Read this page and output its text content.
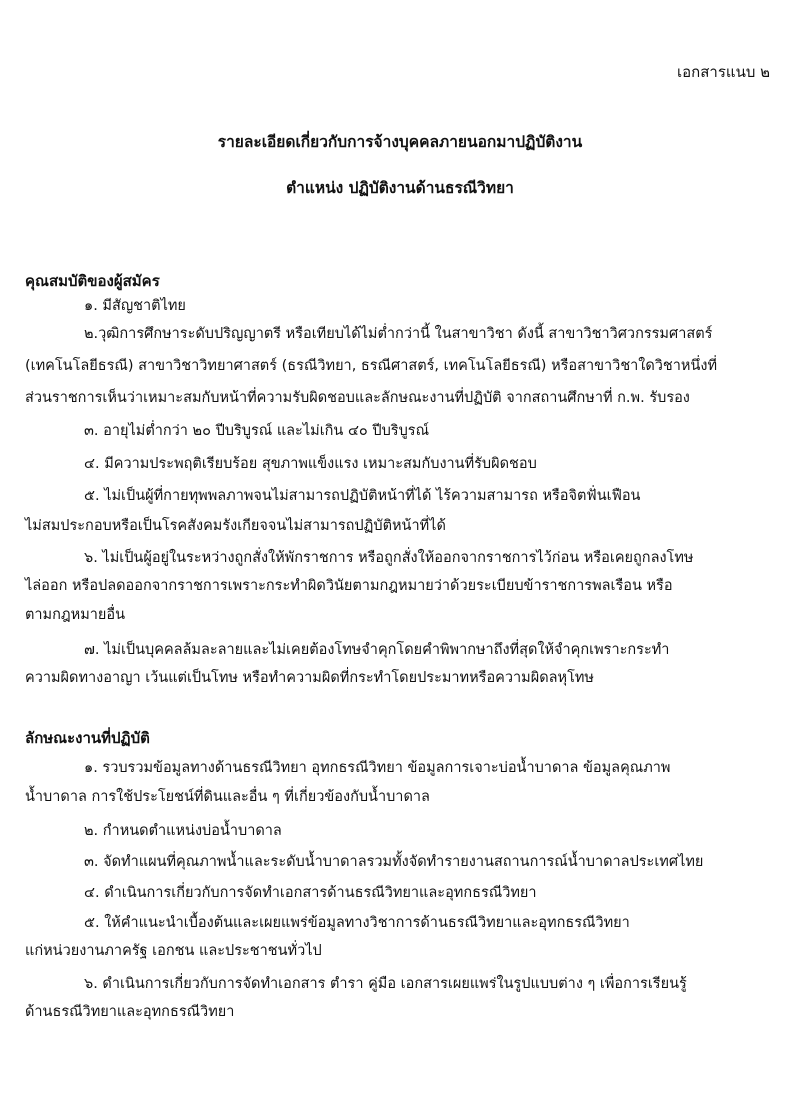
เอกสารแนบ ๒
รายละเอียดเกี่ยวกับการจ้างบุคคลภายนอกมาปฏิบัติงาน
ตำแหน่ง ปฏิบัติงานด้านธรณีวิทยา
คุณสมบัติของผู้สมัคร
๑. มีสัญชาติไทย
๒.วุฒิการศึกษาระดับปริญญาตรี หรือเทียบได้ไม่ต่ำกว่านี้ ในสาขาวิชา ดังนี้ สาขาวิชาวิศวกรรมศาสตร์
(เทคโนโลยีธรณี) สาขาวิชาวิทยาศาสตร์ (ธรณีวิทยา, ธรณีศาสตร์, เทคโนโลยีธรณี) หรือสาขาวิชาใดวิชาหนึ่งที่
ส่วนราชการเห็นว่าเหมาะสมกับหน้าที่ความรับผิดชอบและลักษณะงานที่ปฏิบัติ จากสถานศึกษาที่ ก.พ. รับรอง
๓. อายุไม่ต่ำกว่า ๒๐ ปีบริบูรณ์ และไม่เกิน ๔๐ ปีบริบูรณ์
๔. มีความประพฤติเรียบร้อย สุขภาพแข็งแรง เหมาะสมกับงานที่รับผิดชอบ
๕. ไม่เป็นผู้ที่กายทุพพลภาพจนไม่สามารถปฏิบัติหน้าที่ได้ ไร้ความสามารถ หรือจิตฟั่นเฟือน
ไม่สมประกอบหรือเป็นโรคสังคมรังเกียจจนไม่สามารถปฏิบัติหน้าที่ได้
๖. ไม่เป็นผู้อยู่ในระหว่างถูกสั่งให้พักราชการ หรือถูกสั่งให้ออกจากราชการไว้ก่อน หรือเคยถูกลงโทษ
ไล่ออก หรือปลดออกจากราชการเพราะกระทำผิดวินัยตามกฎหมายว่าด้วยระเบียบข้าราชการพลเรือน หรือ
ตามกฎหมายอื่น
๗. ไม่เป็นบุคคลล้มละลายและไม่เคยต้องโทษจำคุกโดยคำพิพากษาถึงที่สุดให้จำคุกเพราะกระทำ
ความผิดทางอาญา เว้นแต่เป็นโทษ หรือทำความผิดที่กระทำโดยประมาทหรือความผิดลหุโทษ
ลักษณะงานที่ปฏิบัติ
๑. รวบรวมข้อมูลทางด้านธรณีวิทยา อุทกธรณีวิทยา ข้อมูลการเจาะบ่อน้ำบาดาล ข้อมูลคุณภาพ
น้ำบาดาล การใช้ประโยชน์ที่ดินและอื่น ๆ ที่เกี่ยวข้องกับน้ำบาดาล
๒. กำหนดตำแหน่งบ่อน้ำบาดาล
๓. จัดทำแผนที่คุณภาพน้ำและระดับน้ำบาดาลรวมทั้งจัดทำรายงานสถานการณ์น้ำบาดาลประเทศไทย
๔. ดำเนินการเกี่ยวกับการจัดทำเอกสารด้านธรณีวิทยาและอุทกธรณีวิทยา
๕. ให้คำแนะนำเบื้องต้นและเผยแพร่ข้อมูลทางวิชาการด้านธรณีวิทยาและอุทกธรณีวิทยา
แก่หน่วยงานภาครัฐ เอกชน และประชาชนทั่วไป
๖. ดำเนินการเกี่ยวกับการจัดทำเอกสาร ตำรา คู่มือ เอกสารเผยแพร่ในรูปแบบต่าง ๆ เพื่อการเรียนรู้
ด้านธรณีวิทยาและอุทกธรณีวิทยา
